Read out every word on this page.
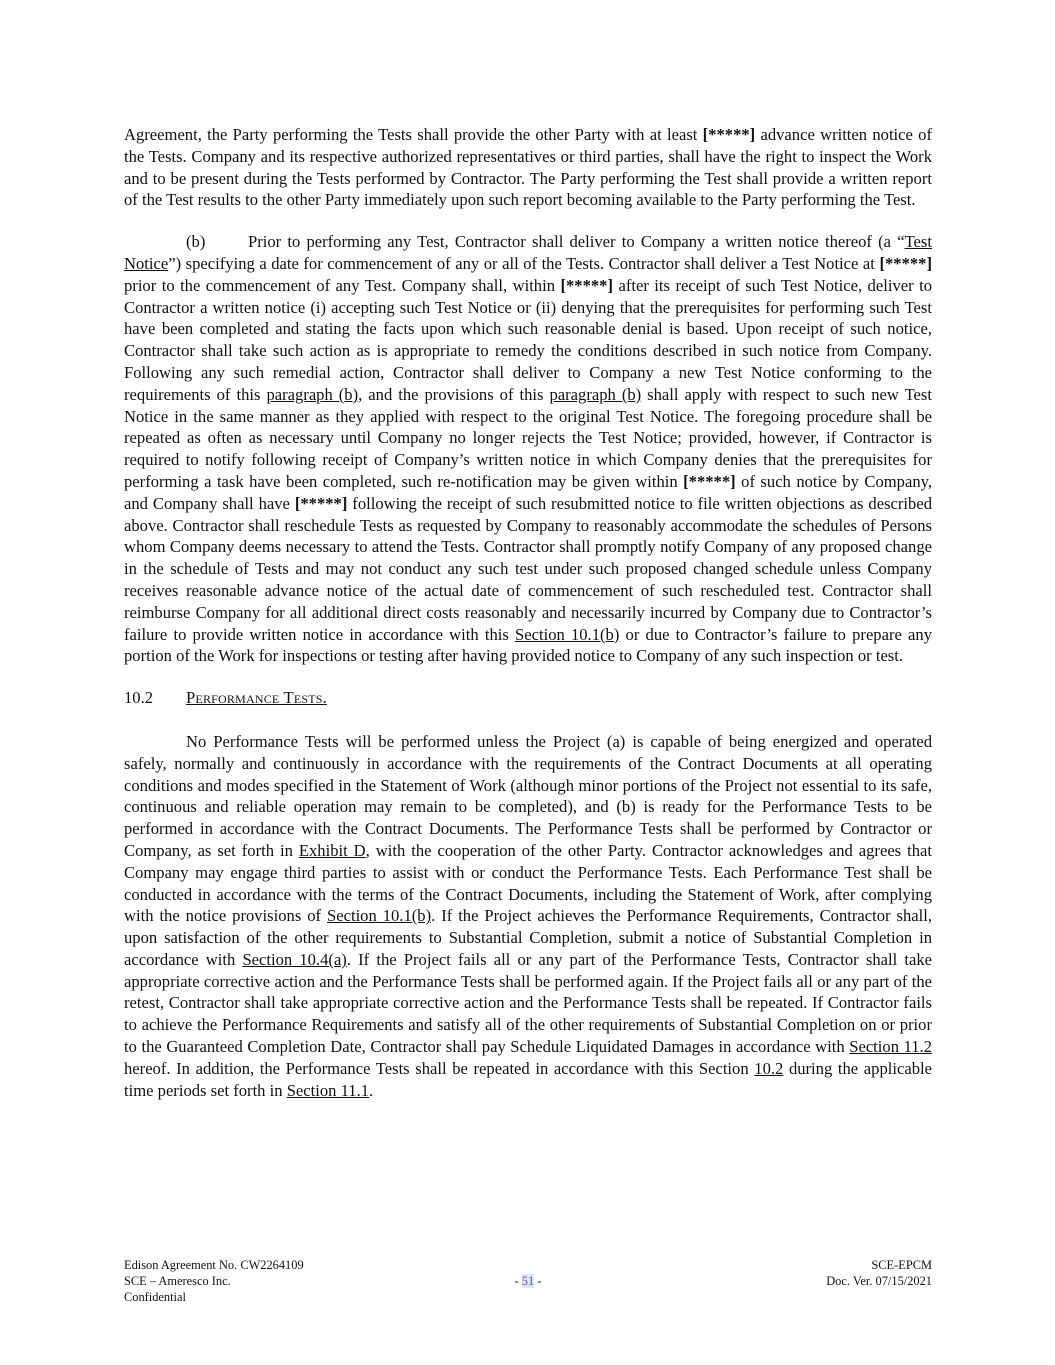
Agreement, the Party performing the Tests shall provide the other Party with at least [*****] advance written notice of the Tests. Company and its respective authorized representatives or third parties, shall have the right to inspect the Work and to be present during the Tests performed by Contractor. The Party performing the Test shall provide a written report of the Test results to the other Party immediately upon such report becoming available to the Party performing the Test.

(b)	Prior to performing any Test, Contractor shall deliver to Company a written notice thereof (a “Test Notice”) specifying a date for commencement of any or all of the Tests. Contractor shall deliver a Test Notice at [*****] prior to the commencement of any Test. Company shall, within [*****] after its receipt of such Test Notice, deliver to Contractor a written notice (i) accepting such Test Notice or (ii) denying that the prerequisites for performing such Test have been completed and stating the facts upon which such reasonable denial is based. Upon receipt of such notice, Contractor shall take such action as is appropriate to remedy the conditions described in such notice from Company. Following any such remedial action, Contractor shall deliver to Company a new Test Notice conforming to the requirements of this paragraph (b), and the provisions of this paragraph (b) shall apply with respect to such new Test Notice in the same manner as they applied with respect to the original Test Notice. The foregoing procedure shall be repeated as often as necessary until Company no longer rejects the Test Notice; provided, however, if Contractor is required to notify following receipt of Company’s written notice in which Company denies that the prerequisites for performing a task have been completed, such re-notification may be given within [*****] of such notice by Company, and Company shall have [*****] following the receipt of such resubmitted notice to file written objections as described above. Contractor shall reschedule Tests as requested by Company to reasonably accommodate the schedules of Persons whom Company deems necessary to attend the Tests. Contractor shall promptly notify Company of any proposed change in the schedule of Tests and may not conduct any such test under such proposed changed schedule unless Company receives reasonable advance notice of the actual date of commencement of such rescheduled test. Contractor shall reimburse Company for all additional direct costs reasonably and necessarily incurred by Company due to Contractor’s failure to provide written notice in accordance with this Section 10.1(b) or due to Contractor’s failure to prepare any portion of the Work for inspections or testing after having provided notice to Company of any such inspection or test.

10.2 Performance Tests.

No Performance Tests will be performed unless the Project (a) is capable of being energized and operated safely, normally and continuously in accordance with the requirements of the Contract Documents at all operating conditions and modes specified in the Statement of Work (although minor portions of the Project not essential to its safe, continuous and reliable operation may remain to be completed), and (b) is ready for the Performance Tests to be performed in accordance with the Contract Documents. The Performance Tests shall be performed by Contractor or Company, as set forth in Exhibit D, with the cooperation of the other Party. Contractor acknowledges and agrees that Company may engage third parties to assist with or conduct the Performance Tests. Each Performance Test shall be conducted in accordance with the terms of the Contract Documents, including the Statement of Work, after complying with the notice provisions of Section 10.1(b). If the Project achieves the Performance Requirements, Contractor shall, upon satisfaction of the other requirements to Substantial Completion, submit a notice of Substantial Completion in accordance with Section 10.4(a). If the Project fails all or any part of the Performance Tests, Contractor shall take appropriate corrective action and the Performance Tests shall be performed again. If the Project fails all or any part of the retest, Contractor shall take appropriate corrective action and the Performance Tests shall be repeated. If Contractor fails to achieve the Performance Requirements and satisfy all of the other requirements of Substantial Completion on or prior to the Guaranteed Completion Date, Contractor shall pay Schedule Liquidated Damages in accordance with Section 11.2 hereof. In addition, the Performance Tests shall be repeated in accordance with this Section 10.2 during the applicable time periods set forth in Section 11.1.

Edison Agreement No. CW2264109	SCE-EPCM
SCE – Ameresco Inc.	Doc. Ver. 07/15/2021
Confidential
- 51 -
